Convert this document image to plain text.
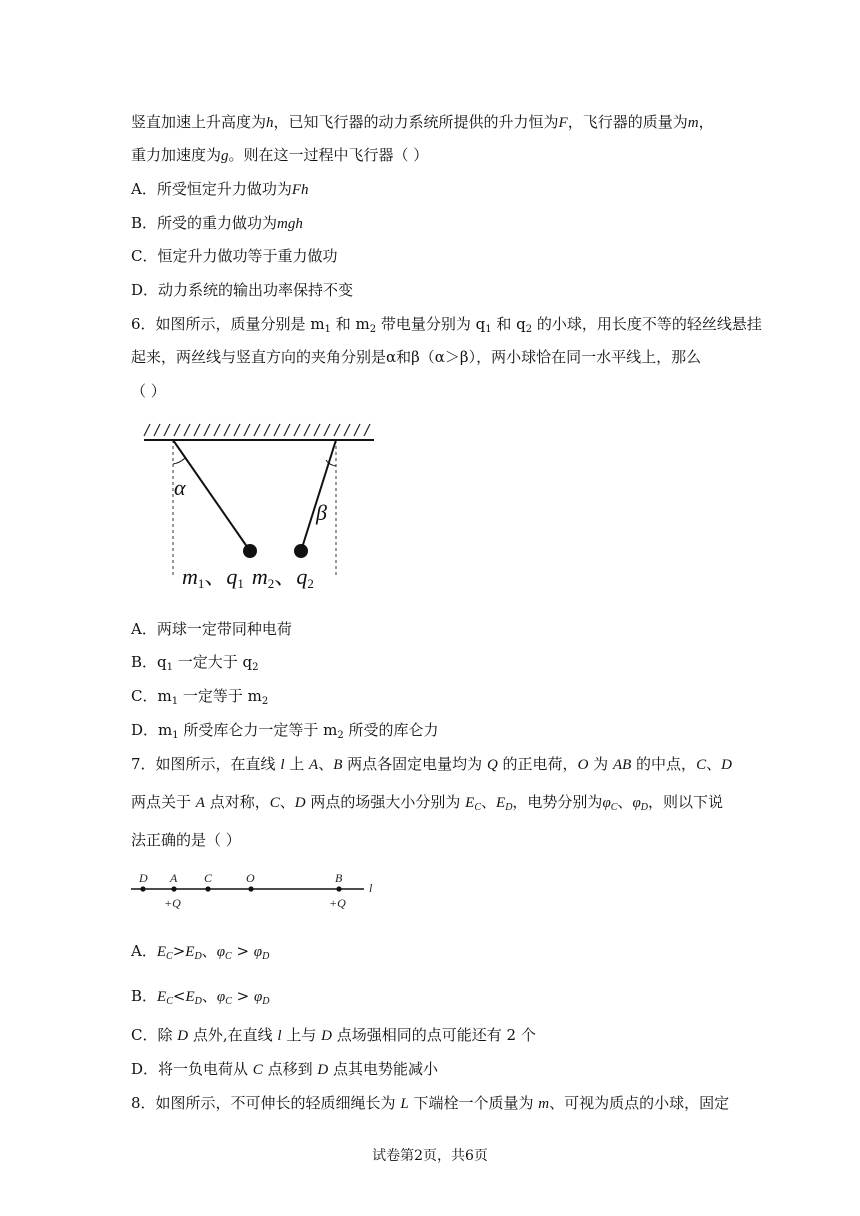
竖直加速上升高度为h，已知飞行器的动力系统所提供的升力恒为F，飞行器的质量为m，
重力加速度为g。则在这一过程中飞行器（ ）
A．所受恒定升力做功为Fh
B．所受的重力做功为mgh
C．恒定升力做功等于重力做功
D．动力系统的输出功率保持不变
6．如图所示，质量分别是 $m_1$ 和 $m_2$ 带电量分别为 $q_1$ 和 $q_2$ 的小球，用长度不等的轻丝线悬挂
起来，两丝线与竖直方向的夹角分别是α和β（α＞β），两小球恰在同一水平线上，那么
（ ）
α
β
m1、q1 m2、q2
A．两球一定带同种电荷
B．$q_1$ 一定大于 $q_2$
C．$m_1$ 一定等于 $m_2$
D．$m_1$ 所受库仑力一定等于 $m_2$ 所受的库仑力
7．如图所示，在直线 l 上 A、B 两点各固定电量均为 Q 的正电荷，O 为 AB 的中点，C、D
两点关于 A 点对称，C、D 两点的场强大小分别为 $E_C$、$E_D$，电势分别为$\varphi_C$、$\varphi_D$，则以下说
法正确的是（ ）
D A C	O	B
l
+Q	+Q
A．$E_C>E_D$、$\varphi_C > \varphi_D$
B．$E_C<E_D$、$\varphi_C > \varphi_D$
C．除 D 点外,在直线 l 上与 D 点场强相同的点可能还有 2 个
D．将一负电荷从 C 点移到 D 点其电势能减小
8．如图所示，不可伸长的轻质细绳长为 L 下端栓一个质量为 m、可视为质点的小球，固定
试卷第2页，共6页
